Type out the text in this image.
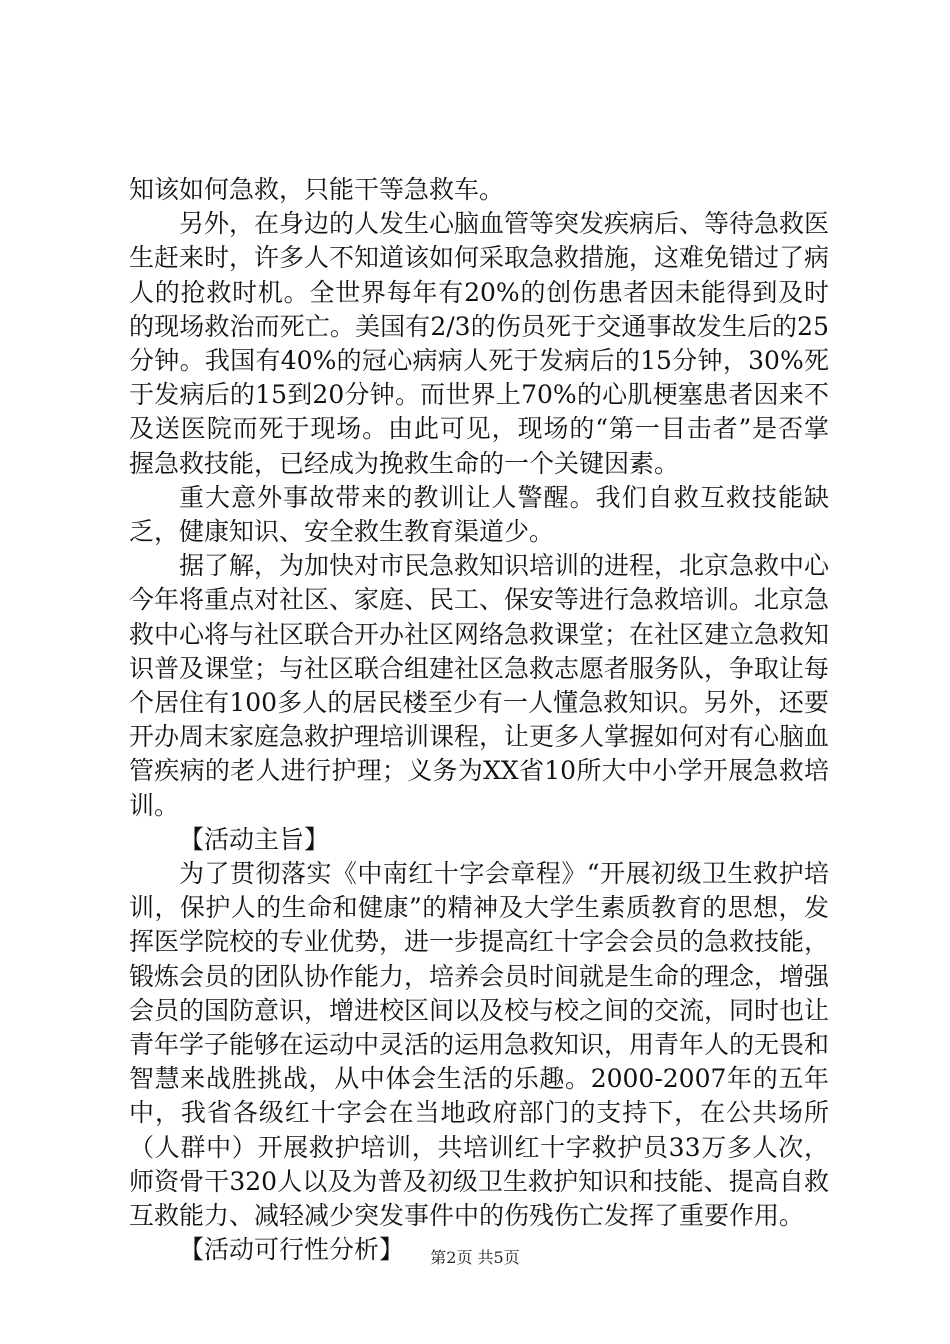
知该如何急救，只能干等急救车。

另外，在身边的人发生心脑血管等突发疾病后、等待急救医生赶来时，许多人不知道该如何采取急救措施，这难免错过了病人的抢救时机。全世界每年有20%的创伤患者因未能得到及时的现场救治而死亡。美国有2/3的伤员死于交通事故发生后的25分钟。我国有40%的冠心病病人死于发病后的15分钟，30%死于发病后的15到20分钟。而世界上70%的心肌梗塞患者因来不及送医院而死于现场。由此可见，现场的“第一目击者”是否掌握急救技能，已经成为挽救生命的一个关键因素。

重大意外事故带来的教训让人警醒。我们自救互救技能缺乏，健康知识、安全救生教育渠道少。

据了解，为加快对市民急救知识培训的进程，北京急救中心今年将重点对社区、家庭、民工、保安等进行急救培训。北京急救中心将与社区联合开办社区网络急救课堂；在社区建立急救知识普及课堂；与社区联合组建社区急救志愿者服务队，争取让每个居住有100多人的居民楼至少有一人懂急救知识。另外，还要开办周末家庭急救护理培训课程，让更多人掌握如何对有心脑血管疾病的老人进行护理；义务为XX省10所大中小学开展急救培训。

【活动主旨】

为了贯彻落实《中南红十字会章程》“开展初级卫生救护培训，保护人的生命和健康”的精神及大学生素质教育的思想，发挥医学院校的专业优势，进一步提高红十字会会员的急救技能，锻炼会员的团队协作能力，培养会员时间就是生命的理念，增强会员的国防意识，增进校区间以及校与校之间的交流，同时也让青年学子能够在运动中灵活的运用急救知识，用青年人的无畏和智慧来战胜挑战，从中体会生活的乐趣。2000-2007年的五年中，我省各级红十字会在当地政府部门的支持下，在公共场所（人群中）开展救护培训，共培训红十字救护员33万多人次，师资骨干320人以及为普及初级卫生救护知识和技能、提高自救互救能力、减轻减少突发事件中的伤残伤亡发挥了重要作用。

【活动可行性分析】	第2页 共5页
